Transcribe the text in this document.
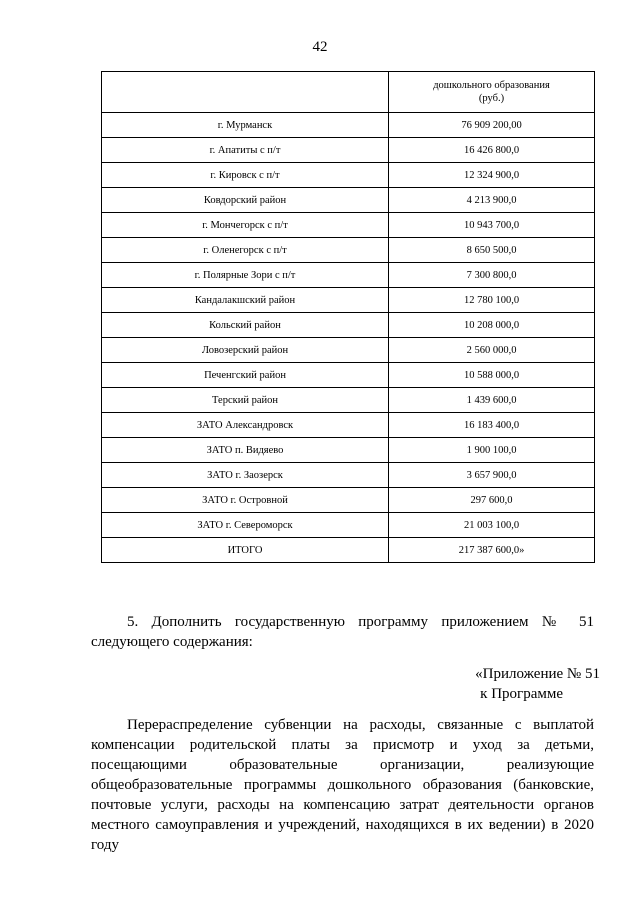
42

	дошкольного образования
(руб.)

г. Мурманск	76 909 200,00
г. Апатиты с п/т	16 426 800,0
г. Кировск с п/т	12 324 900,0
Ковдорский район	4 213 900,0
г. Мончегорск с п/т	10 943 700,0
г. Оленегорск с п/т	8 650 500,0
г. Полярные Зори с п/т	7 300 800,0
Кандалакшский район	12 780 100,0
Кольский район	10 208 000,0
Ловозерский район	2 560 000,0
Печенгский район	10 588 000,0
Терский район	1 439 600,0
ЗАТО Александровск	16 183 400,0
ЗАТО п. Видяево	1 900 100,0
ЗАТО г. Заозерск	3 657 900,0
ЗАТО г. Островной	297 600,0
ЗАТО г. Североморск	21 003 100,0
ИТОГО	217 387 600,0»
5. Дополнить государственную программу приложением № 51
следующего содержания:
«Приложение № 51
к Программе
Перераспределение субвенции на расходы, связанные с выплатой
компенсации родительской платы за присмотр и уход за детьми,
посещающими образовательные организации, реализующие
общеобразовательные программы дошкольного образования (банковские,
почтовые услуги, расходы на компенсацию затрат деятельности органов
местного самоуправления и учреждений, находящихся в их ведении) в 2020
году
